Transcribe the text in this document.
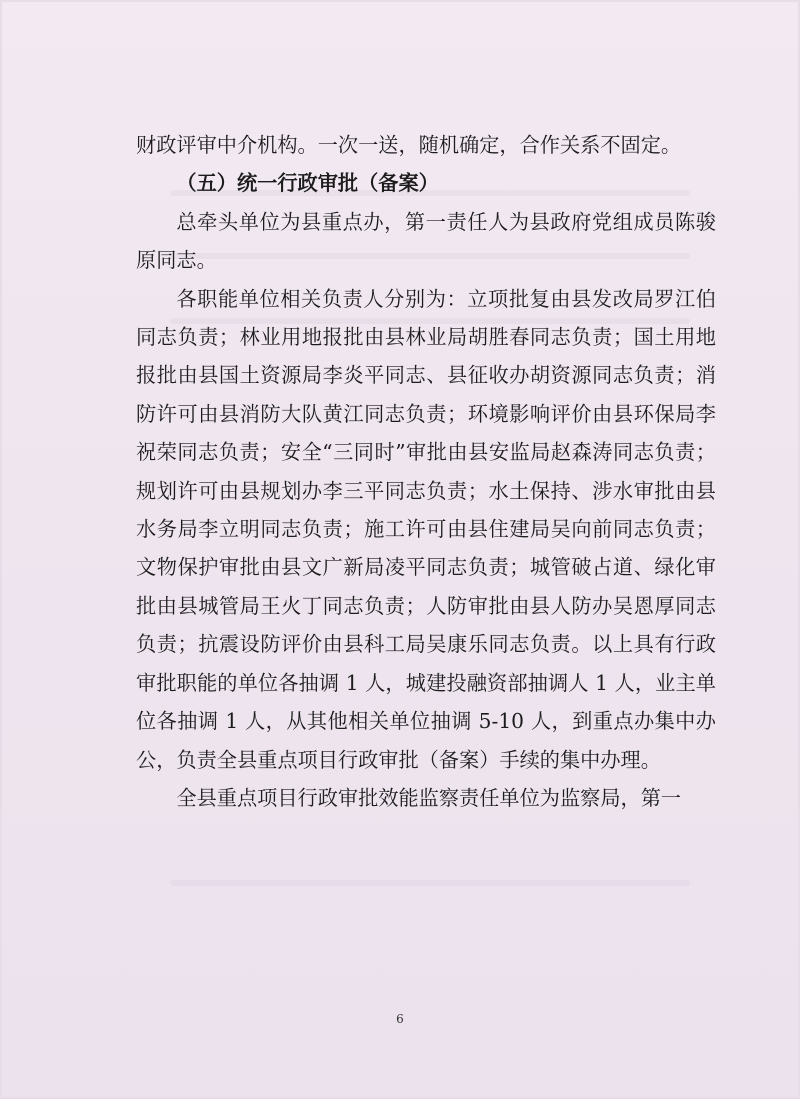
财政评审中介机构。一次一送，随机确定，合作关系不固定。

（五）统一行政审批（备案）

总牵头单位为县重点办，第一责任人为县政府党组成员陈骏原同志。

各职能单位相关负责人分别为：立项批复由县发改局罗江伯同志负责；林业用地报批由县林业局胡胜春同志负责；国土用地报批由县国土资源局李炎平同志、县征收办胡资源同志负责；消防许可由县消防大队黄江同志负责；环境影响评价由县环保局李祝荣同志负责；安全“三同时”审批由县安监局赵森涛同志负责；规划许可由县规划办李三平同志负责；水土保持、涉水审批由县水务局李立明同志负责；施工许可由县住建局吴向前同志负责；文物保护审批由县文广新局凌平同志负责；城管破占道、绿化审批由县城管局王火丁同志负责；人防审批由县人防办吴恩厚同志负责；抗震设防评价由县科工局吴康乐同志负责。以上具有行政审批职能的单位各抽调 1 人，城建投融资部抽调人 1 人，业主单位各抽调 1 人，从其他相关单位抽调 5-10 人，到重点办集中办公，负责全县重点项目行政审批（备案）手续的集中办理。

全县重点项目行政审批效能监察责任单位为监察局，第一

6
